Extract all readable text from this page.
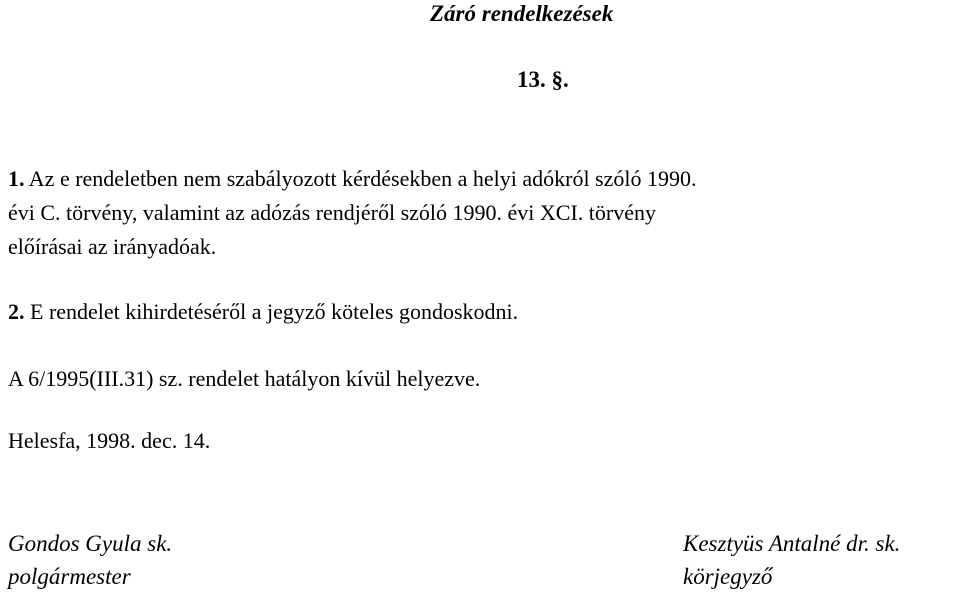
Záró rendelkezések
13. §.
1. Az e rendeletben nem szabályozott kérdésekben a helyi adókról szóló 1990.
évi C. törvény, valamint az adózás rendjéről szóló 1990. évi XCI. törvény
előírásai az irányadóak.
2. E rendelet kihirdetéséről a jegyző köteles gondoskodni.
A 6/1995(III.31) sz. rendelet hatályon kívül helyezve.
Helesfa, 1998. dec. 14.
Gondos Gyula sk.
polgármester
Kesztyüs Antalné dr. sk.
körjegyző
